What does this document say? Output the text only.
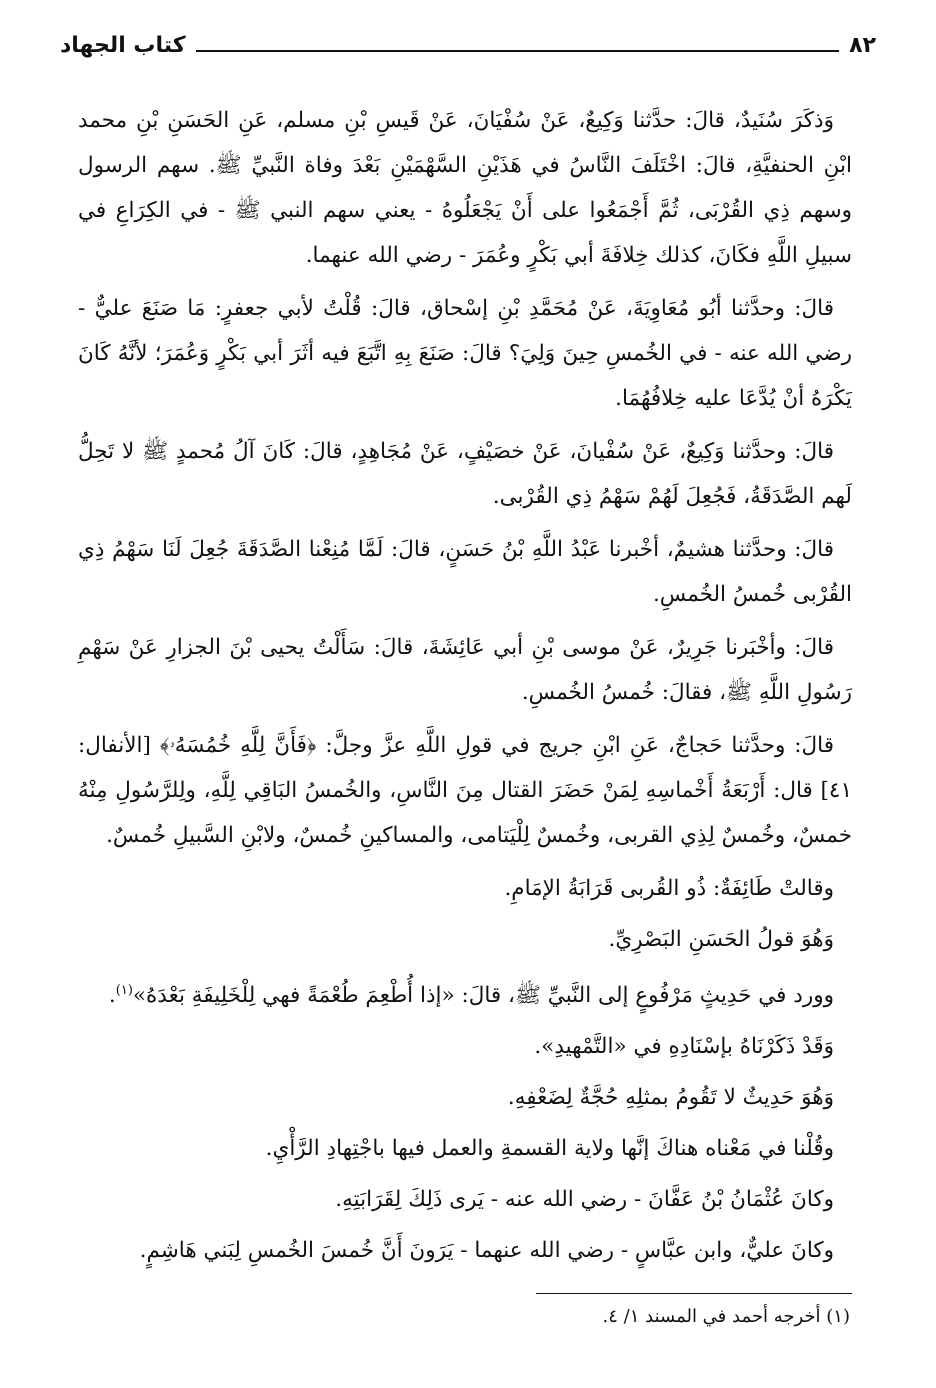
٨٢
كتاب الجهاد

وَذكَرَ سُنَيدٌ، قالَ: حدَّثنا وَكِيعٌ، عَنْ سُفْيَانَ، عَنْ قَيسِ بْنِ مسلم، عَنِ الحَسَنِ بْنِ محمد ابْنِ الحنفيَّةِ، قالَ: اخْتَلَفَ النَّاسُ في هَذَيْنِ السَّهْمَيْنِ بَعْدَ وفاة النَّبيِّ ﷺ. سهم الرسول وسهم ذِي القُرْبَى، ثُمَّ أَجْمَعُوا على أَنْ يَجْعَلُوهُ - يعني سهم النبي ﷺ - في الكِرَاعِ في سبيلِ اللَّهِ فكَانَ، كذلك خِلافَةَ أبي بَكْرٍ وعُمَرَ - رضي الله عنهما.

قالَ: وحدَّثنا أبُو مُعَاوِيَةَ، عَنْ مُحَمَّدِ بْنِ إسْحاق، قالَ: قُلْتُ لأبي جعفرٍ: مَا صَنَعَ عليٌّ - رضي الله عنه - في الخُمسِ حِينَ وَلِيَ؟ قالَ: صَنَعَ بِهِ اتَّبَعَ فيه أثَرَ أبي بَكْرٍ وَعُمَرَ؛ لأنَّهُ كَانَ يَكْرَهُ أنْ يُدَّعَا عليه خِلافُهُمَا.

قالَ: وحدَّثنا وَكِيعٌ، عَنْ سُفْيانَ، عَنْ خصَيْفٍ، عَنْ مُجَاهِدٍ، قالَ: كَانَ آلُ مُحمدٍ ﷺ لا تَحِلُّ لَهم الصَّدَقَةُ، فَجُعِلَ لَهُمْ سَهْمُ ذِي القُرْبى.

قالَ: وحدَّثنا هشيمٌ، أخْبرنا عَبْدُ اللَّهِ بْنُ حَسَنٍ، قالَ: لَمَّا مُنِعْنا الصَّدَقَةَ جُعِلَ لَنَا سَهْمُ ذِي القُرْبى خُمسُ الخُمسِ.

قالَ: وأخْبَرنا جَرِيرٌ، عَنْ موسى بْنِ أبي عَائِشَةَ، قالَ: سَأَلْتُ يحيى بْنَ الجزارِ عَنْ سَهْمِ رَسُولِ اللَّهِ ﷺ، فقالَ: خُمسُ الخُمسِ.

قالَ: وحدَّثنا حَجاجٌ، عَنِ ابْنِ جريج في قولِ اللَّهِ عزَّ وجلَّ: ﴿فَأَنَّ لِلَّهِ خُمُسَهُۥ﴾ [الأنفال: ٤١] قال: أَرْبَعَةُ أَخْماسِهِ لِمَنْ حَضَرَ القتال مِنَ النَّاسِ، والخُمسُ البَاقِي لِلَّهِ، ولِلرَّسُولِ مِنْهُ خمسٌ، وخُمسٌ لِذِي القربى، وخُمسٌ لِلْيَتامى، والمساكينِ خُمسٌ، ولابْنِ السَّبيلِ خُمسٌ.

وقالتْ طَائِفَةٌ: ذُو القُربى قَرَابَةُ الإمَامِ.

وَهُوَ قولُ الحَسَنِ البَصْرِيِّ.

وورد في حَدِيثٍ مَرْفُوعٍ إلى النَّبيِّ ﷺ، قالَ: «إذا أُطْعِمَ طُعْمَةً فهي لِلْخَلِيفَةِ بَعْدَهُ»$^{(١)}$.

وَقَدْ ذَكَرْنَاهُ بإسْنَادِهِ في «التَّمْهيدِ».

وَهُوَ حَدِيثٌ لا تَقُومُ بمثلِهِ حُجَّةٌ لِضَعْفِهِ.

وقُلْنا في مَعْناه هناكَ إنَّها ولاية القسمةِ والعمل فيها باجْتِهادِ الرَّأْيِ.

وكانَ عُثْمَانُ بْنُ عَفَّانَ - رضي الله عنه - يَرى ذَلِكَ لِقَرَابَتِهِ.

وكانَ عليٌّ، وابن عبَّاسٍ - رضي الله عنهما - يَرَونَ أَنَّ خُمسَ الخُمسِ لِبَني هَاشِمٍ.

(١) أخرجه أحمد في المسند ١/ ٤.
